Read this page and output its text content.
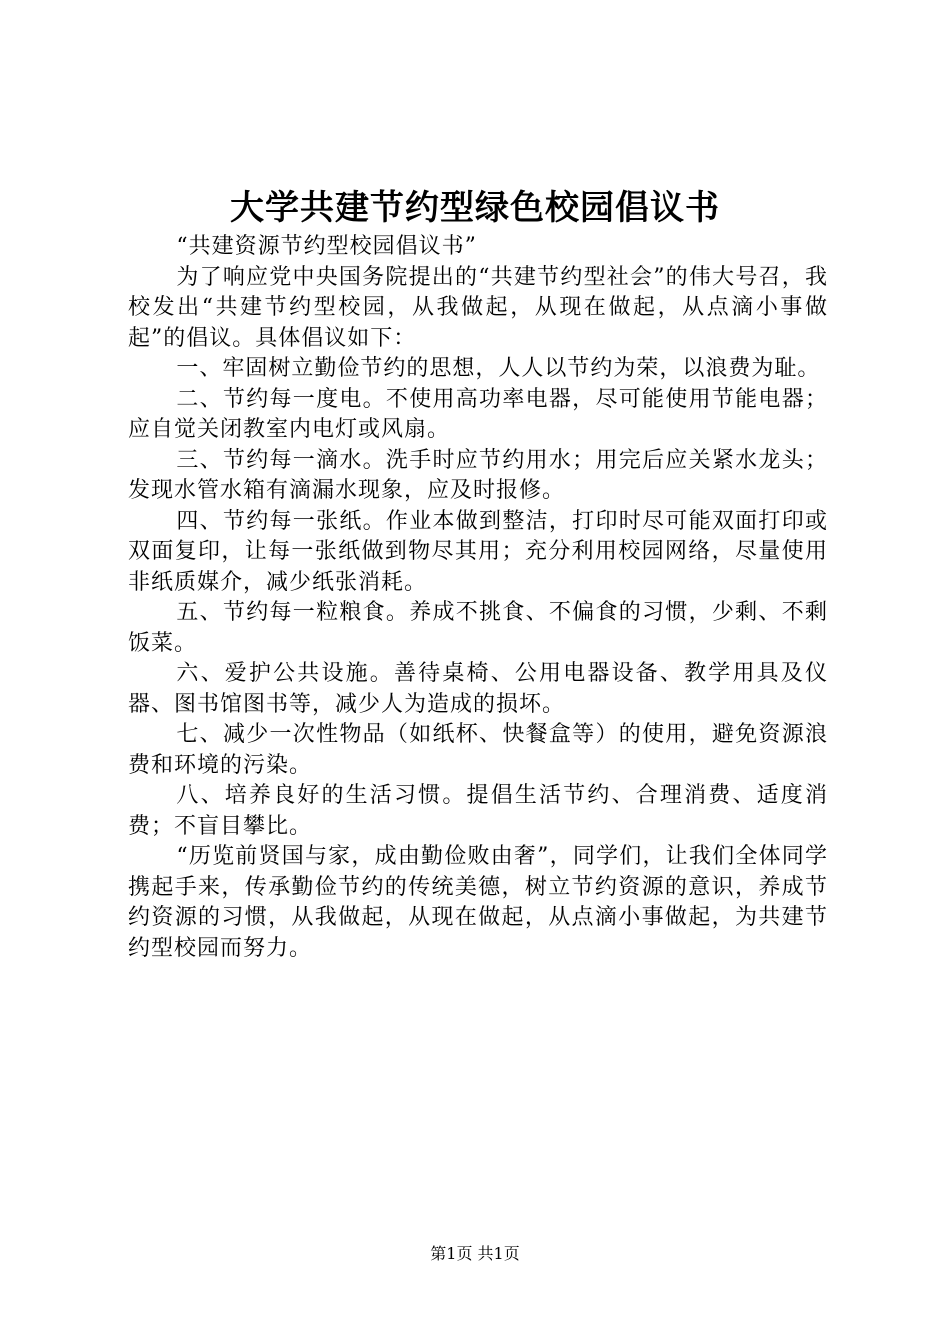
大学共建节约型绿色校园倡议书

“共建资源节约型校园倡议书”

为了响应党中央国务院提出的“共建节约型社会”的伟大号召，我校发出“共建节约型校园，从我做起，从现在做起，从点滴小事做起”的倡议。具体倡议如下：

一、牢固树立勤俭节约的思想，人人以节约为荣，以浪费为耻。

二、节约每一度电。不使用高功率电器，尽可能使用节能电器；应自觉关闭教室内电灯或风扇。

三、节约每一滴水。洗手时应节约用水；用完后应关紧水龙头；发现水管水箱有滴漏水现象，应及时报修。

四、节约每一张纸。作业本做到整洁，打印时尽可能双面打印或双面复印，让每一张纸做到物尽其用；充分利用校园网络，尽量使用非纸质媒介，减少纸张消耗。

五、节约每一粒粮食。养成不挑食、不偏食的习惯，少剩、不剩饭菜。

六、爱护公共设施。善待桌椅、公用电器设备、教学用具及仪器、图书馆图书等，减少人为造成的损坏。

七、减少一次性物品（如纸杯、快餐盒等）的使用，避免资源浪费和环境的污染。

八、培养良好的生活习惯。提倡生活节约、合理消费、适度消费；不盲目攀比。

“历览前贤国与家，成由勤俭败由奢”，同学们，让我们全体同学携起手来，传承勤俭节约的传统美德，树立节约资源的意识，养成节约资源的习惯，从我做起，从现在做起，从点滴小事做起，为共建节约型校园而努力。

第1页 共1页
